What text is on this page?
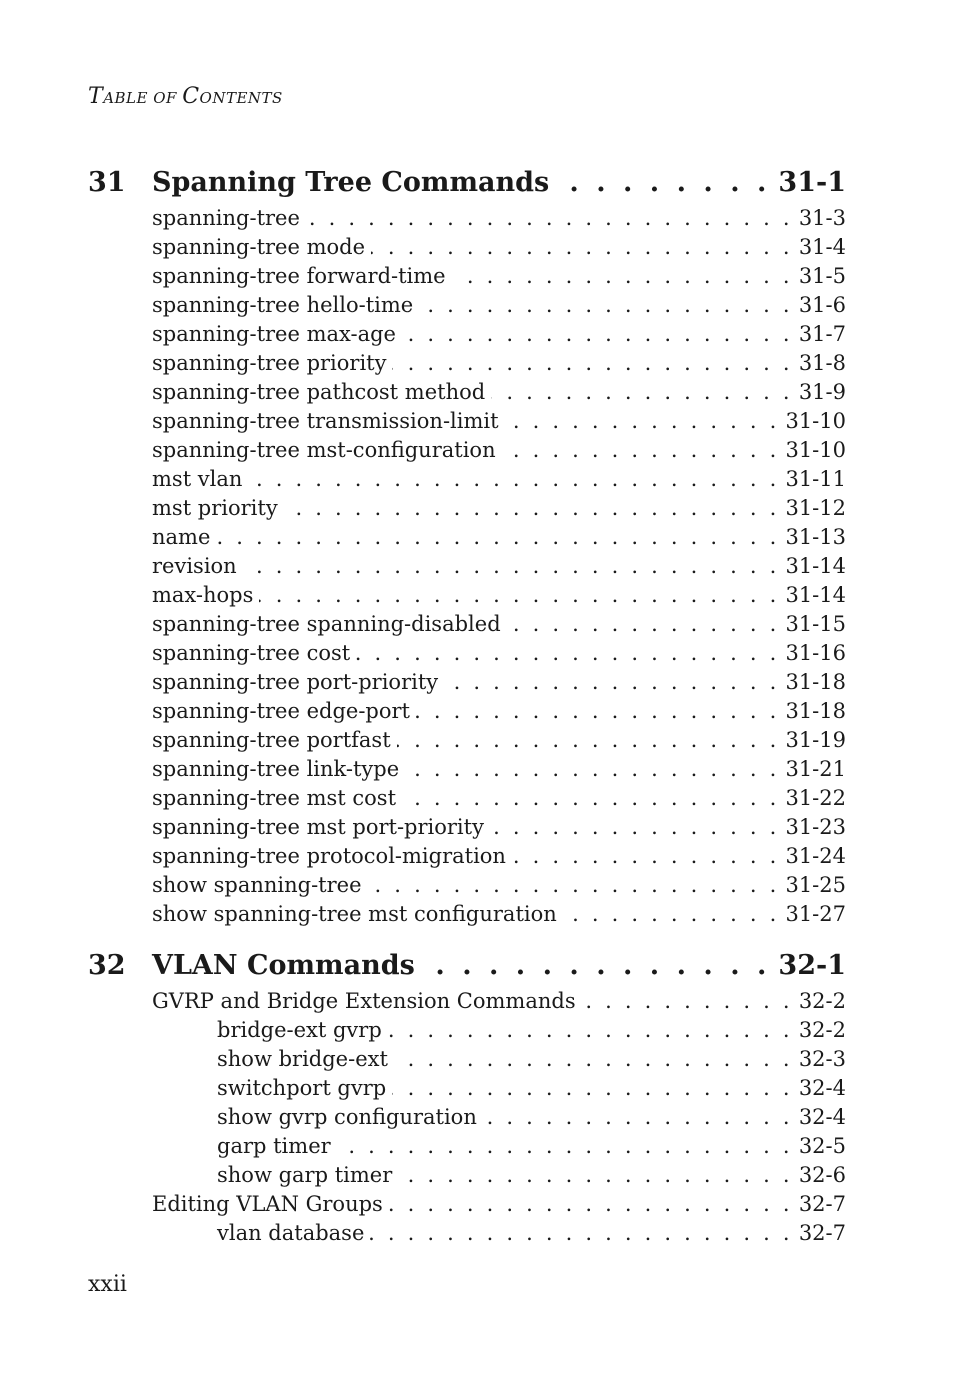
TABLE OF CONTENTS
31 Spanning Tree Commands . . .	31-1
spanning-tree . . .	31-3
spanning-tree mode . . .	31-4
spanning-tree forward-time . . .	31-5
spanning-tree hello-time . . .	31-6
spanning-tree max-age . . .	31-7
spanning-tree priority . . .	31-8
spanning-tree pathcost method . . .	31-9
spanning-tree transmission-limit . . .	31-10
spanning-tree mst-configuration . . .	31-10
mst vlan . . .	31-11
mst priority . . .	31-12
name . . .	31-13
revision . . .	31-14
max-hops . . .	31-14
spanning-tree spanning-disabled . . .	31-15
spanning-tree cost . . .	31-16
spanning-tree port-priority . . .	31-18
spanning-tree edge-port . . .	31-18
spanning-tree portfast . . .	31-19
spanning-tree link-type . . .	31-21
spanning-tree mst cost . . .	31-22
spanning-tree mst port-priority . . .	31-23
spanning-tree protocol-migration . . .	31-24
show spanning-tree . . .	31-25
show spanning-tree mst configuration . . .	31-27
32 VLAN Commands . . .	32-1
GVRP and Bridge Extension Commands . . .	32-2
bridge-ext gvrp . . .	32-2
show bridge-ext . . .	32-3
switchport gvrp . . .	32-4
show gvrp configuration . . .	32-4
garp timer . . .	32-5
show garp timer . . .	32-6
Editing VLAN Groups . . .	32-7
vlan database . . .	32-7
xxii
